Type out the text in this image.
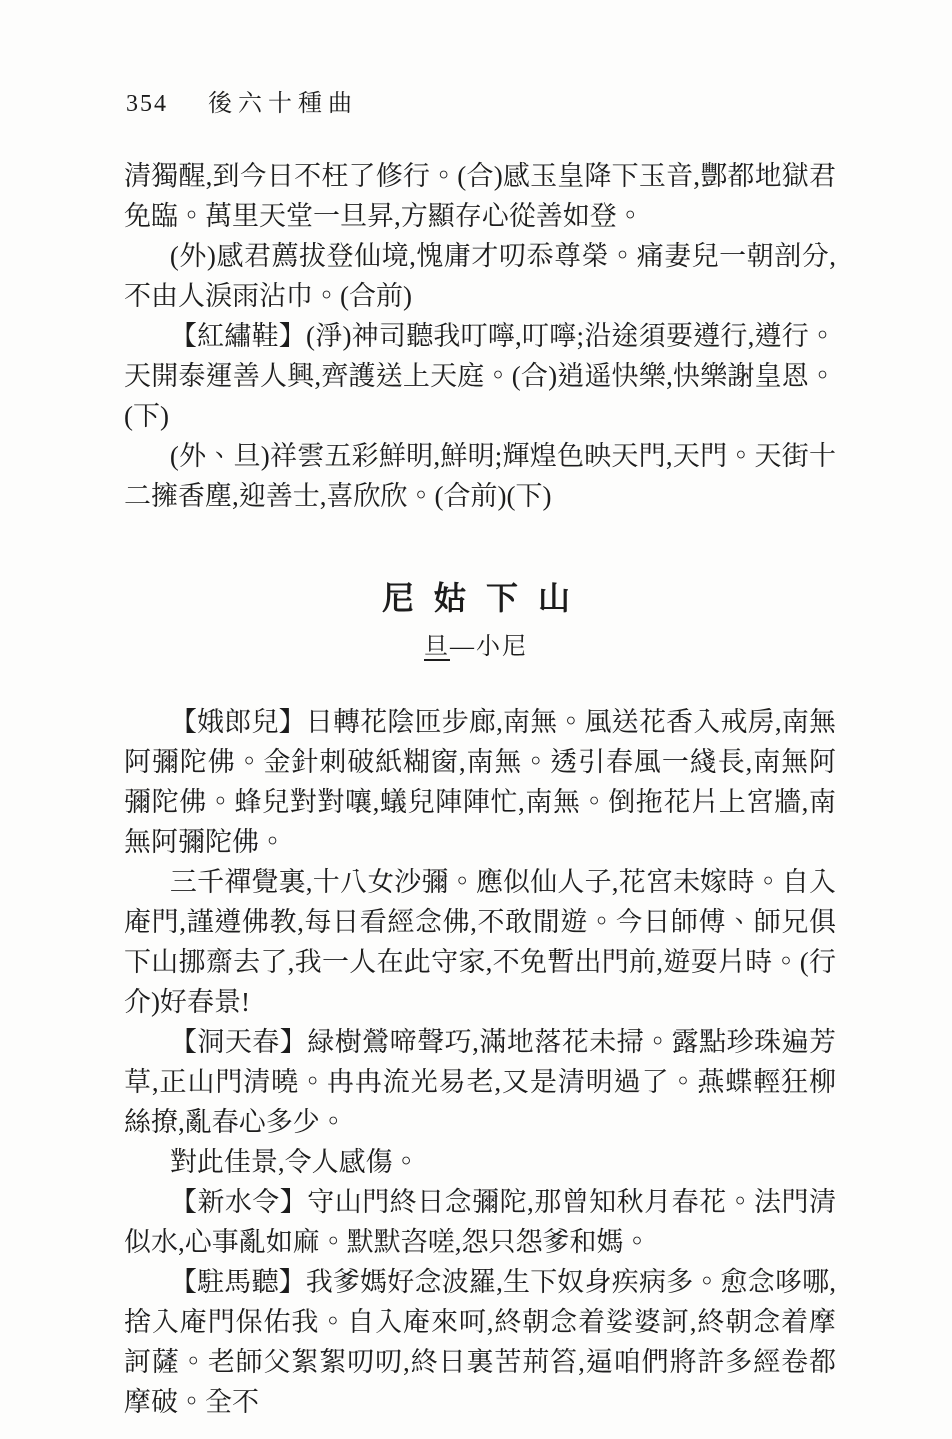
354 後六十種曲

清獨醒,到今日不枉了修行。(合)感玉皇降下玉音,酆都地獄君免臨。萬里天堂一旦昇,方顯存心從善如登。

(外)感君薦拔登仙境,愧庸才叨忝尊榮。痛妻兒一朝剖分,不由人淚雨沾巾。(合前)

【紅繡鞋】(淨)神司聽我叮嚀,叮嚀;沿途須要遵行,遵行。天開泰運善人興,齊護送上天庭。(合)逍遥快樂,快樂謝皇恩。(下)

(外、旦)祥雲五彩鮮明,鮮明;輝煌色映天門,天門。天街十二擁香塵,迎善士,喜欣欣。(合前)(下)

尼姑下山
旦—小尼

【娥郎兒】日轉花陰匝步廊,南無。風送花香入戒房,南無阿彌陀佛。金針刺破紙糊窗,南無。透引春風一綫長,南無阿彌陀佛。蜂兒對對嚷,蟻兒陣陣忙,南無。倒拖花片上宮牆,南無阿彌陀佛。

三千禪覺裏,十八女沙彌。應似仙人子,花宮未嫁時。自入庵門,謹遵佛教,每日看經念佛,不敢閒遊。今日師傅、師兄俱下山挪齋去了,我一人在此守家,不免暫出門前,遊耍片時。(行介)好春景!

【洞天春】緑樹鶯啼聲巧,滿地落花未掃。露點珍珠遍芳草,正山門清曉。冉冉流光易老,又是清明過了。燕蝶輕狂柳絲撩,亂春心多少。

對此佳景,令人感傷。

【新水令】守山門終日念彌陀,那曾知秋月春花。法門清似水,心事亂如麻。默默咨嗟,怨只怨爹和媽。

【駐馬聽】我爹媽好念波羅,生下奴身疾病多。愈念哆哪,捨入庵門保佑我。自入庵來呵,終朝念着娑婆訶,終朝念着摩訶薩。老師父絮絮叨叨,終日裏苦荊笞,逼咱們將許多經卷都摩破。全不
